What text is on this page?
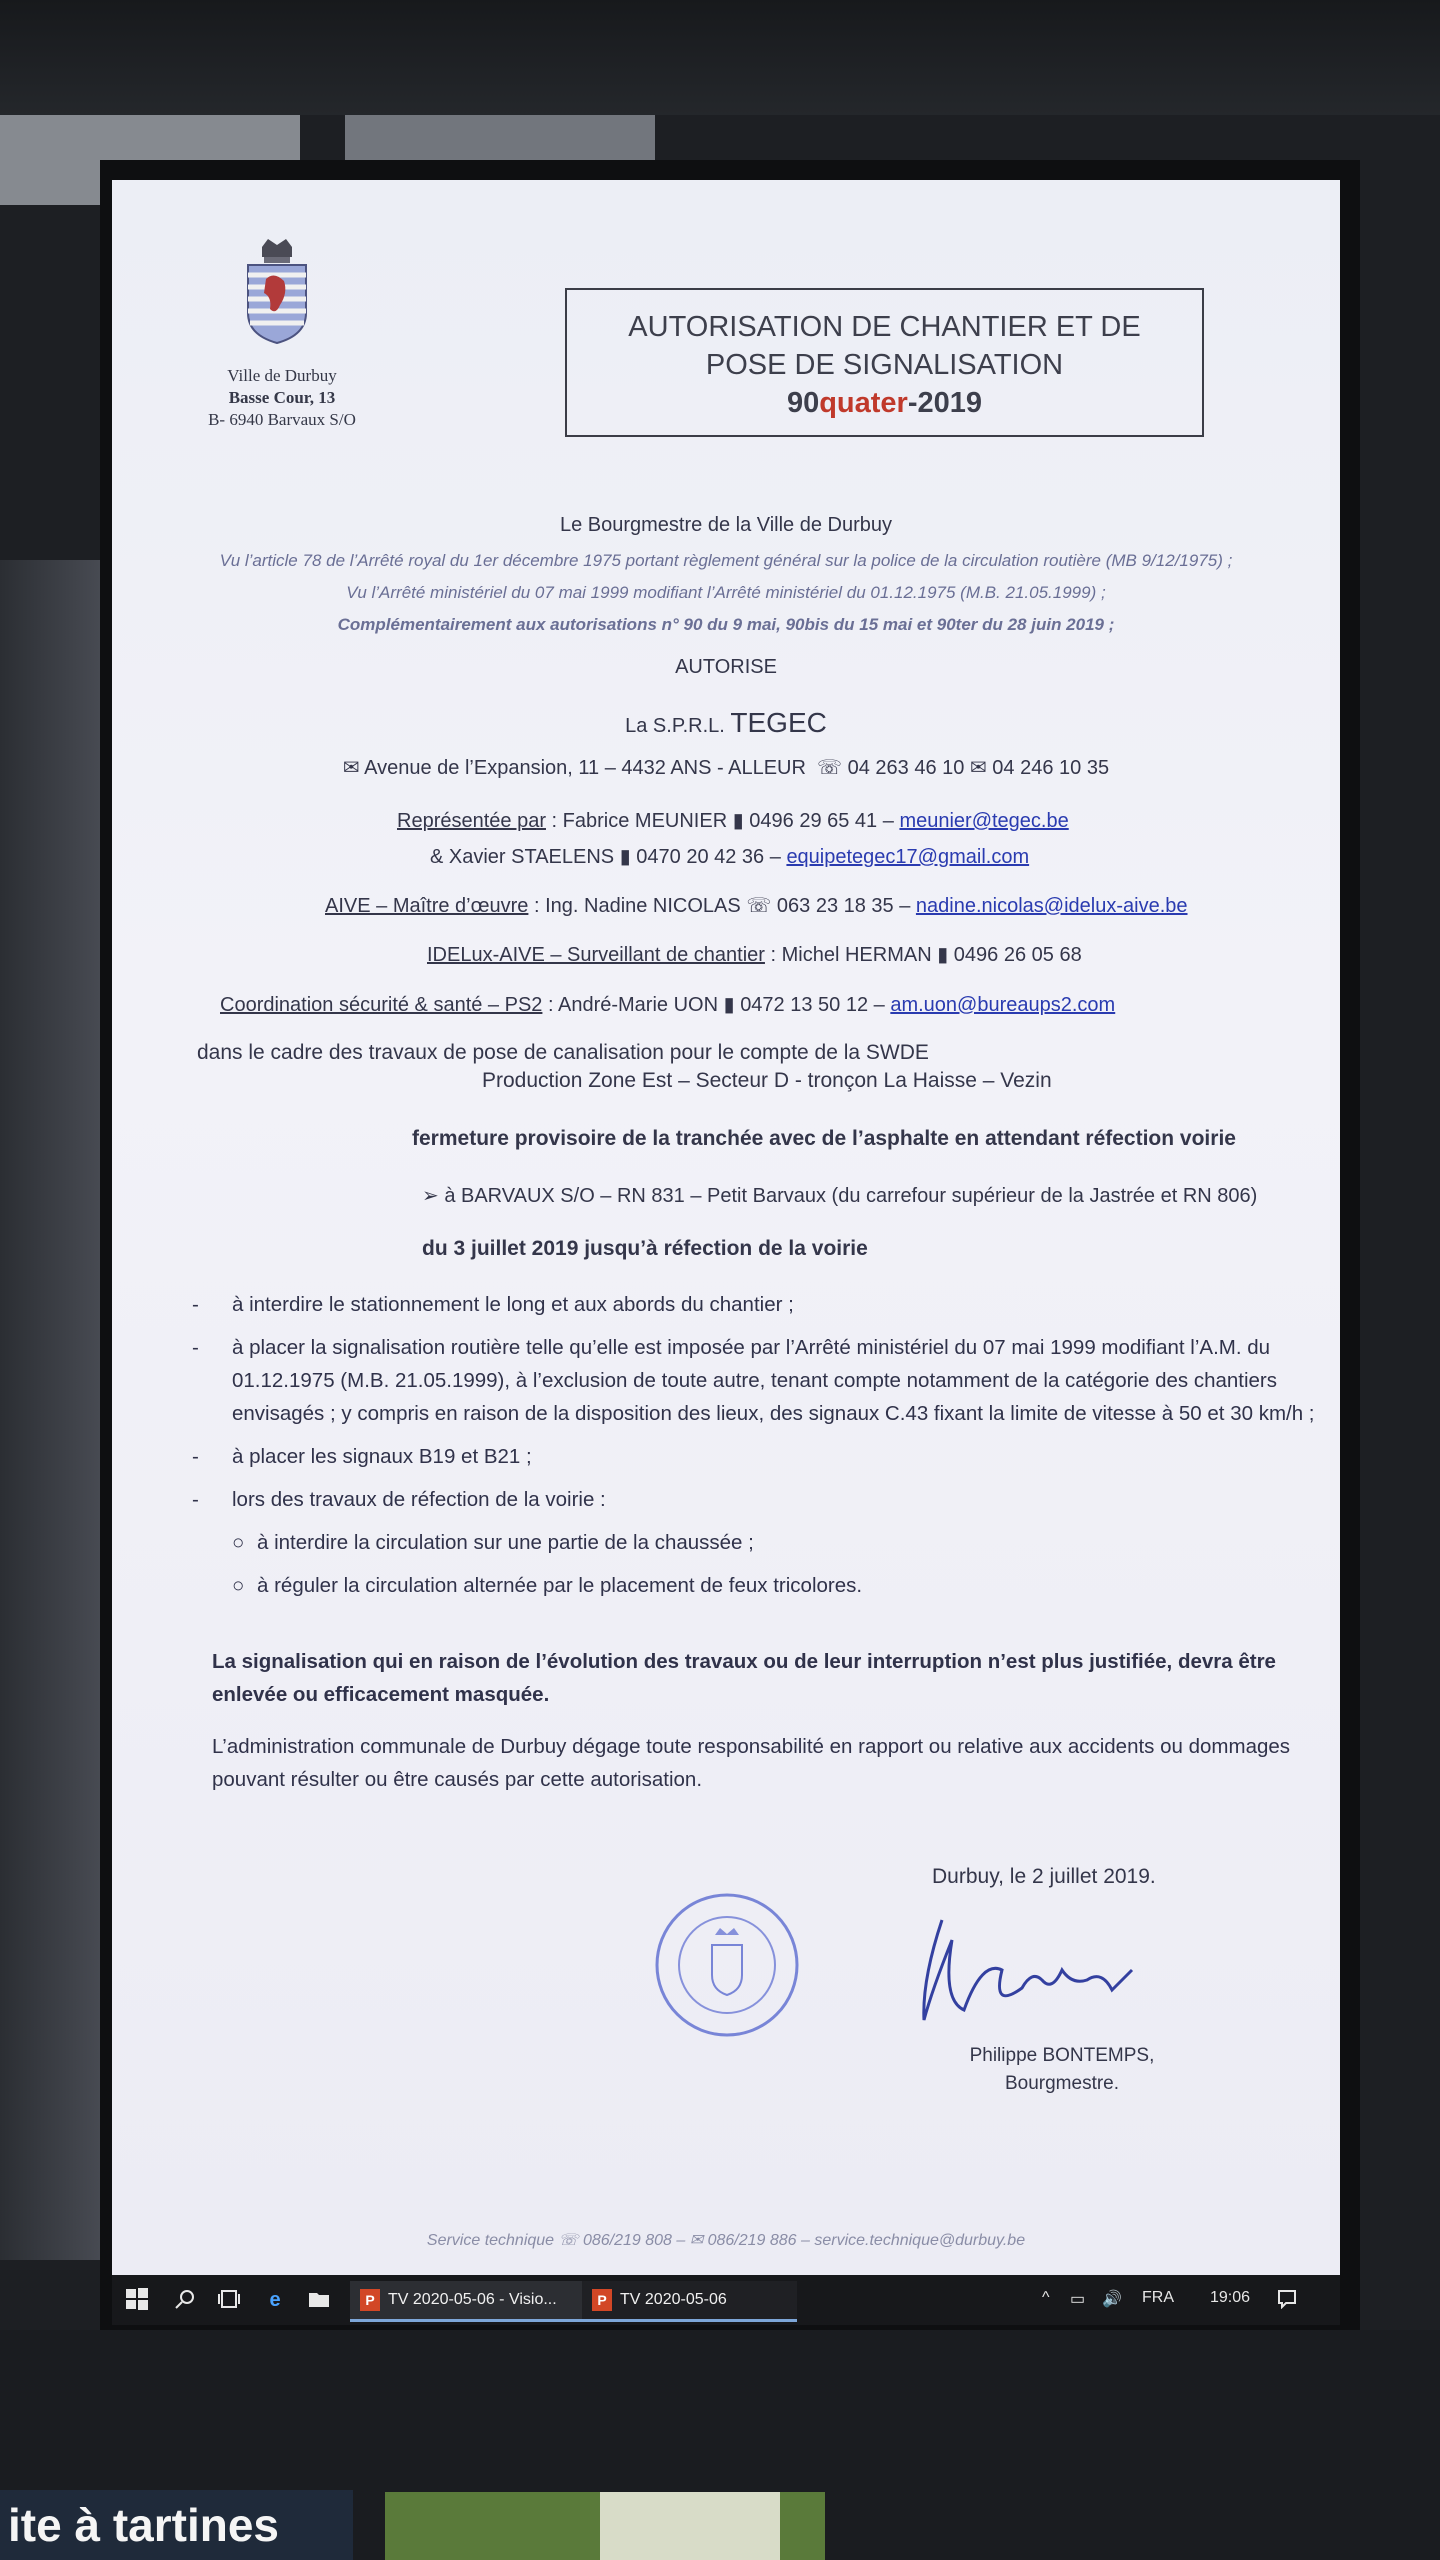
Ville de Durbuy
Basse Cour, 13
B- 6940 Barvaux S/O
AUTORISATION DE CHANTIER ET DE
POSE DE SIGNALISATION
90quater-2019
Le Bourgmestre de la Ville de Durbuy
Vu l’article 78 de l’Arrêté royal du 1er décembre 1975 portant règlement général sur la police de la circulation routière (MB 9/12/1975) ;
Vu l’Arrêté ministériel du 07 mai 1999 modifiant l’Arrêté ministériel du 01.12.1975 (M.B. 21.05.1999) ;
Complémentairement aux autorisations n° 90 du 9 mai, 90bis du 15 mai et 90ter du 28 juin 2019 ;
AUTORISE
La S.P.R.L. TEGEC
✉ Avenue de l’Expansion, 11 – 4432 ANS - ALLEUR ☏ 04 263 46 10 ✉ 04 246 10 35
Représentée par : Fabrice MEUNIER ▮ 0496 29 65 41 – meunier@tegec.be
& Xavier STAELENS ▮ 0470 20 42 36 – equipetegec17@gmail.com
AIVE – Maître d’œuvre : Ing. Nadine NICOLAS ☏ 063 23 18 35 – nadine.nicolas@idelux-aive.be
IDELux-AIVE – Surveillant de chantier : Michel HERMAN ▮ 0496 26 05 68
Coordination sécurité & santé – PS2 : André-Marie UON ▮ 0472 13 50 12 – am.uon@bureaups2.com
dans le cadre des travaux de pose de canalisation pour le compte de la SWDE
Production Zone Est – Secteur D - tronçon La Haisse – Vezin
fermeture provisoire de la tranchée avec de l’asphalte en attendant réfection voirie
➢ à BARVAUX S/O – RN 831 – Petit Barvaux (du carrefour supérieur de la Jastrée et RN 806)
du 3 juillet 2019 jusqu’à réfection de la voirie
- à interdire le stationnement le long et aux abords du chantier ;
- à placer la signalisation routière telle qu’elle est imposée par l’Arrêté ministériel du 07 mai 1999 modifiant l’A.M. du 01.12.1975 (M.B. 21.05.1999), à l’exclusion de toute autre, tenant compte notamment de la catégorie des chantiers envisagés ; y compris en raison de la disposition des lieux, des signaux C.43 fixant la limite de vitesse à 50 et 30 km/h ;
- à placer les signaux B19 et B21 ;
- lors des travaux de réfection de la voirie :
○ à interdire la circulation sur une partie de la chaussée ;
○ à réguler la circulation alternée par le placement de feux tricolores.
La signalisation qui en raison de l’évolution des travaux ou de leur interruption n’est plus justifiée, devra être enlevée ou efficacement masquée.
L’administration communale de Durbuy dégage toute responsabilité en rapport ou relative aux accidents ou dommages pouvant résulter ou être causés par cette autorisation.
Durbuy, le 2 juillet 2019.
Philippe BONTEMPS,
Bourgmestre.
Service technique ☏ 086/219 808 – ✉ 086/219 886 – service.technique@durbuy.be
e	P TV 2020-05-06 - Visio...	P TV 2020-05-06	^ ▭ 🔊 FRA 19:06
ite à tartines
